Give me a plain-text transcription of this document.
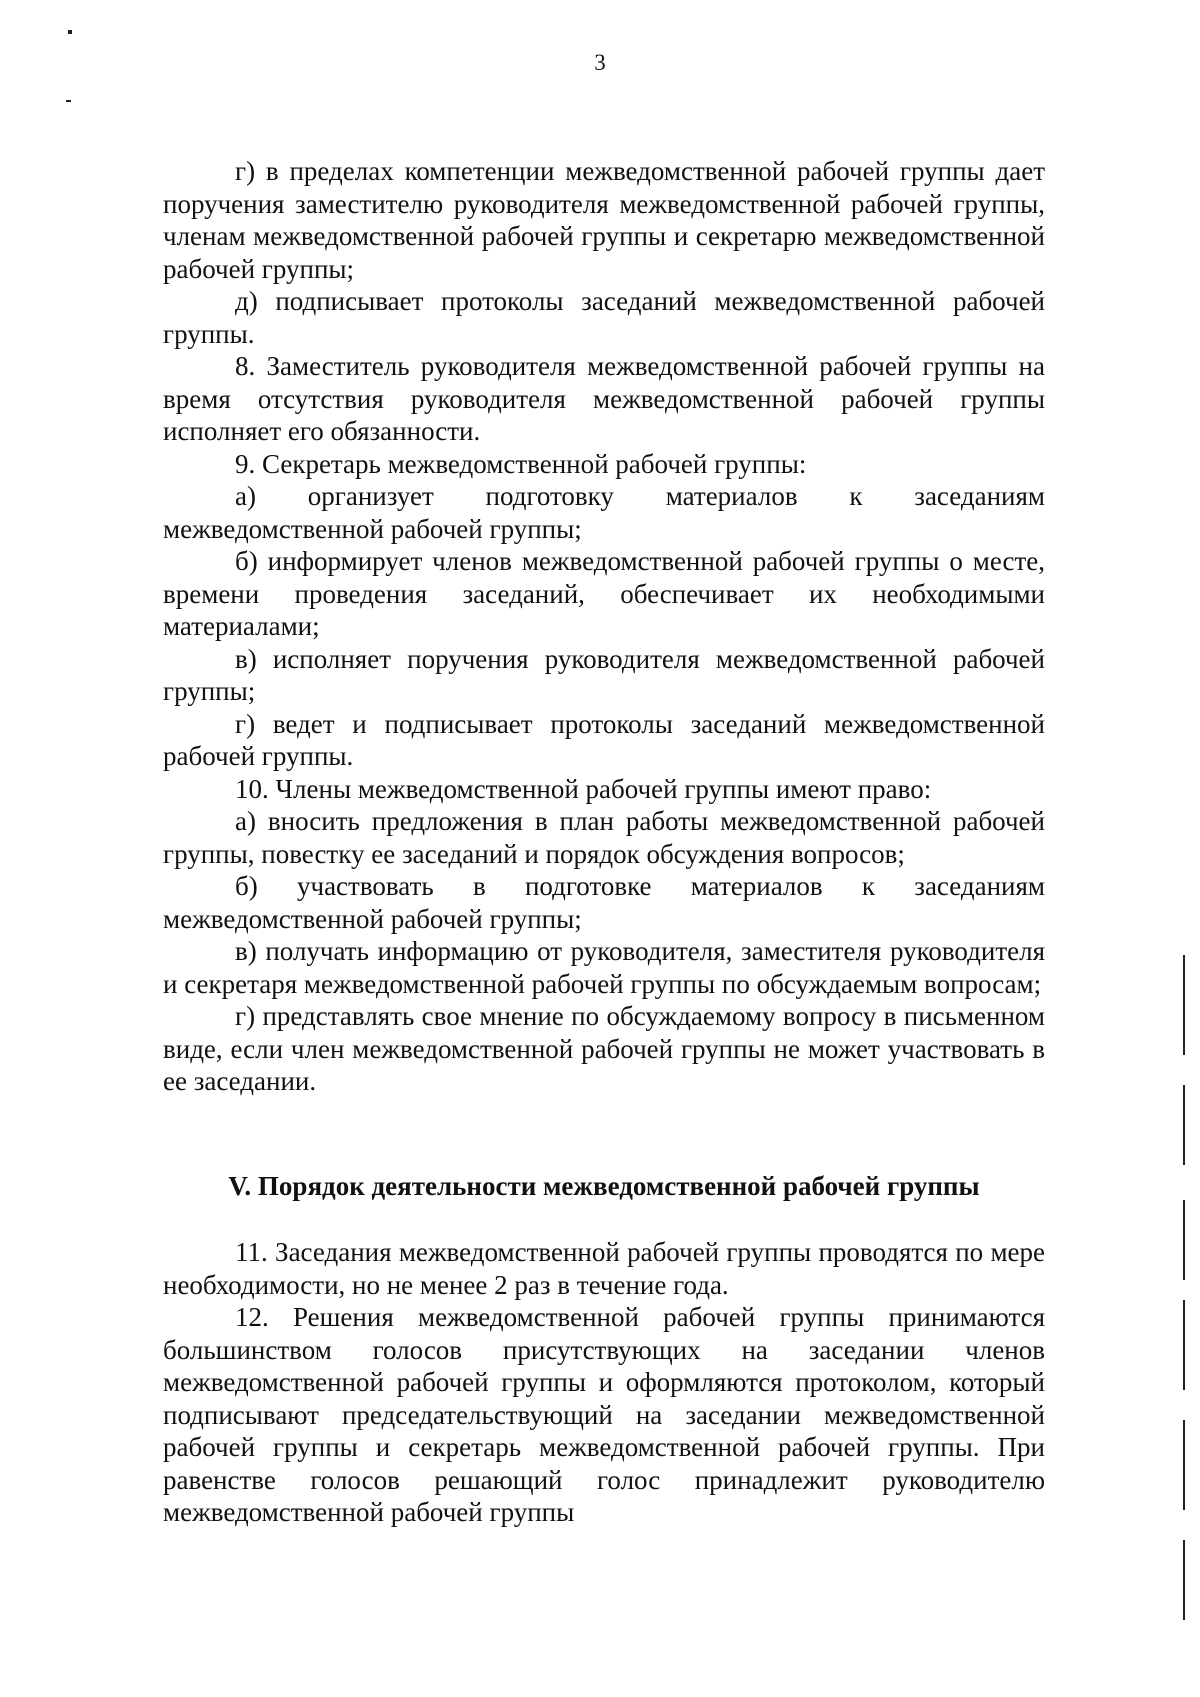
3

г) в пределах компетенции межведомственной рабочей группы дает поручения заместителю руководителя межведомственной рабочей группы, членам межведомственной рабочей группы и секретарю межведомственной рабочей группы;

д) подписывает протоколы заседаний межведомственной рабочей группы.

8. Заместитель руководителя межведомственной рабочей группы на время отсутствия руководителя межведомственной рабочей группы исполняет его обязанности.

9. Секретарь межведомственной рабочей группы:

а) организует подготовку материалов к заседаниям межведомственной рабочей группы;

б) информирует членов межведомственной рабочей группы о месте, времени проведения заседаний, обеспечивает их необходимыми материалами;

в) исполняет поручения руководителя межведомственной рабочей группы;

г) ведет и подписывает протоколы заседаний межведомственной рабочей группы.

10. Члены межведомственной рабочей группы имеют право:

а) вносить предложения в план работы межведомственной рабочей группы, повестку ее заседаний и порядок обсуждения вопросов;

б) участвовать в подготовке материалов к заседаниям межведомственной рабочей группы;

в) получать информацию от руководителя, заместителя руководителя и секретаря межведомственной рабочей группы по обсуждаемым вопросам;

г) представлять свое мнение по обсуждаемому вопросу в письменном виде, если член межведомственной рабочей группы не может участвовать в ее заседании.

V. Порядок деятельности межведомственной рабочей группы

11. Заседания межведомственной рабочей группы проводятся по мере необходимости, но не менее 2 раз в течение года.

12. Решения межведомственной рабочей группы принимаются большинством голосов присутствующих на заседании членов межведомственной рабочей группы и оформляются протоколом, который подписывают председательствующий на заседании межведомственной рабочей группы и секретарь межведомственной рабочей группы. При равенстве голосов решающий голос принадлежит руководителю межведомственной рабочей группы
